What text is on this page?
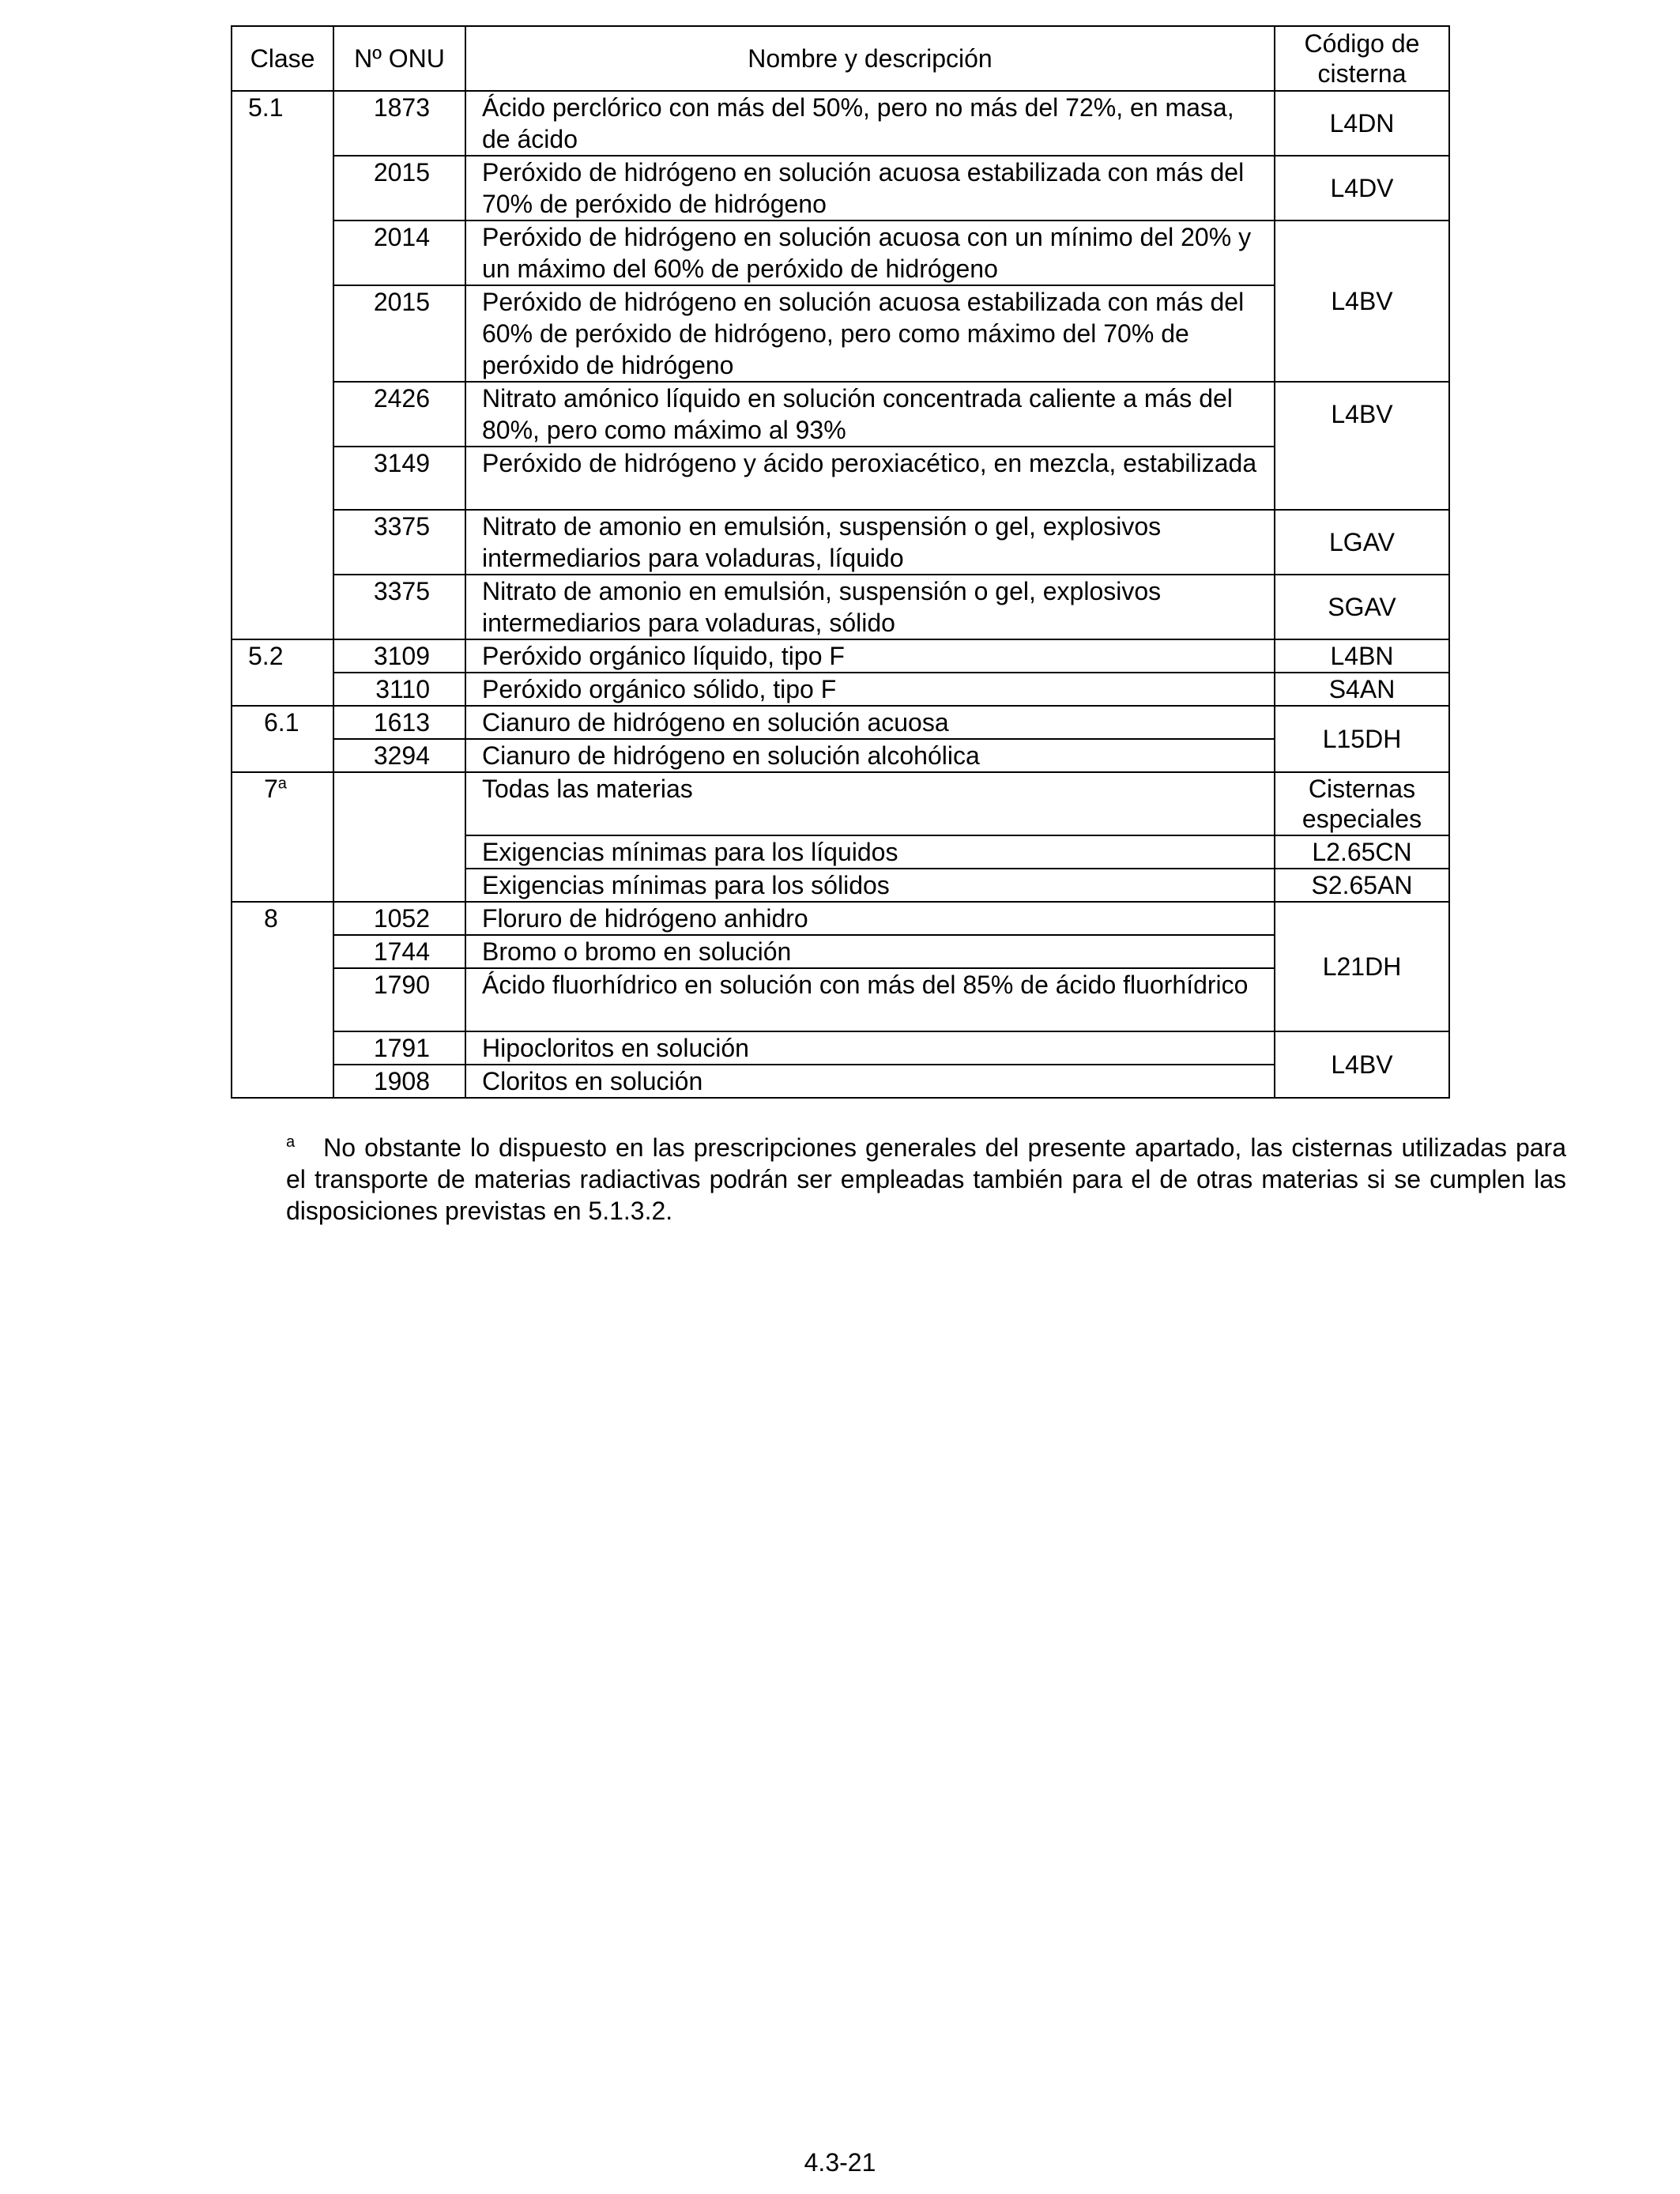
Clase	Nº ONU	Nombre y descripción	Código de cisterna
5.1	1873	Ácido perclórico con más del 50%, pero no más del 72%, en masa, de ácido	L4DN
	2015	Peróxido de hidrógeno en solución acuosa estabilizada con más del 70% de peróxido de hidrógeno	L4DV
	2014	Peróxido de hidrógeno en solución acuosa con un mínimo del 20% y un máximo del 60% de peróxido de hidrógeno	L4BV
	2015	Peróxido de hidrógeno en solución acuosa estabilizada con más del 60% de peróxido de hidrógeno, pero como máximo del 70% de peróxido de hidrógeno	
	2426	Nitrato amónico líquido en solución concentrada caliente a más del 80%, pero como máximo al 93%	L4BV
	3149	Peróxido de hidrógeno y ácido peroxiacético, en mezcla, estabilizada	
	3375	Nitrato de amonio en emulsión, suspensión o gel, explosivos intermediarios para voladuras, líquido	LGAV
	3375	Nitrato de amonio en emulsión, suspensión o gel, explosivos intermediarios para voladuras, sólido	SGAV
5.2	3109	Peróxido orgánico líquido, tipo F	L4BN
	3110	Peróxido orgánico sólido, tipo F	S4AN
6.1	1613	Cianuro de hidrógeno en solución acuosa	L15DH
	3294	Cianuro de hidrógeno en solución alcohólica	
7$^a$		Todas las materias	Cisternas especiales
		Exigencias mínimas para los líquidos	L2.65CN
		Exigencias mínimas para los sólidos	S2.65AN
8	1052	Floruro de hidrógeno anhidro	L21DH
	1744	Bromo o bromo en solución	
	1790	Ácido fluorhídrico en solución con más del 85% de ácido fluorhídrico	
	1791	Hipocloritos en solución	L4BV
	1908	Cloritos en solución	
$^a$ No obstante lo dispuesto en las prescripciones generales del presente apartado, las cisternas utilizadas para el transporte de materias radiactivas podrán ser empleadas también para el de otras materias si se cumplen las disposiciones previstas en 5.1.3.2.
4.3-21
